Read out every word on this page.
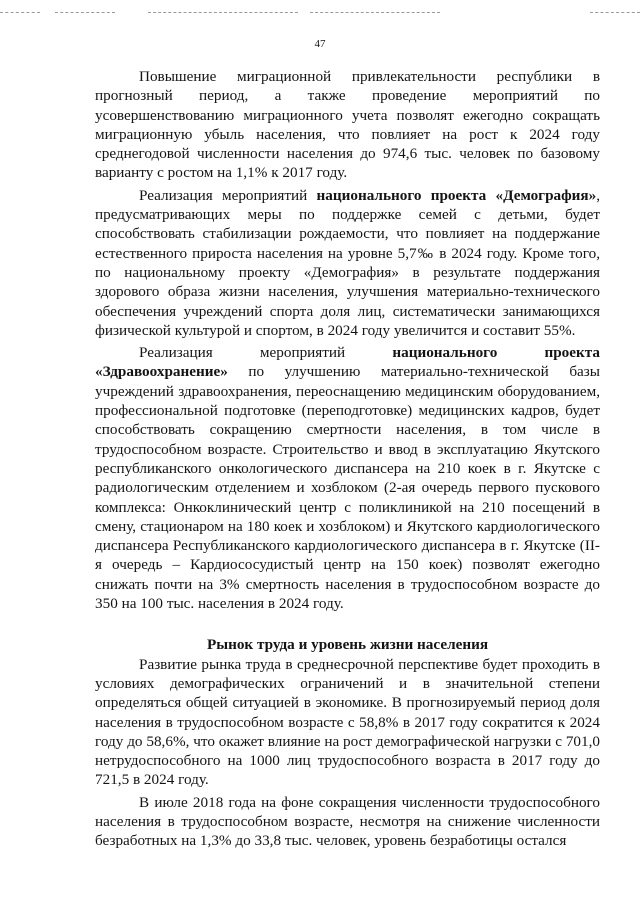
47

Повышение миграционной привлекательности республики в прогнозный период, а также проведение мероприятий по усовершенствованию миграционного учета позволят ежегодно сокращать миграционную убыль населения, что повлияет на рост к 2024 году среднегодовой численности населения до 974,6 тыс. человек по базовому варианту с ростом на 1,1% к 2017 году.

Реализация мероприятий национального проекта «Демография», предусматривающих меры по поддержке семей с детьми, будет способствовать стабилизации рождаемости, что повлияет на поддержание естественного прироста населения на уровне 5,7‰ в 2024 году. Кроме того, по национальному проекту «Демография» в результате поддержания здорового образа жизни населения, улучшения материально-технического обеспечения учреждений спорта доля лиц, систематически занимающихся физической культурой и спортом, в 2024 году увеличится и составит 55%.

Реализация мероприятий национального проекта «Здравоохранение» по улучшению материально-технической базы учреждений здравоохранения, переоснащению медицинским оборудованием, профессиональной подготовке (переподготовке) медицинских кадров, будет способствовать сокращению смертности населения, в том числе в трудоспособном возрасте. Строительство и ввод в эксплуатацию Якутского республиканского онкологического диспансера на 210 коек в г. Якутске с радиологическим отделением и хозблоком (2-ая очередь первого пускового комплекса: Онкоклинический центр с поликлиникой на 210 посещений в смену, стационаром на 180 коек и хозблоком) и Якутского кардиологического диспансера Республиканского кардиологического диспансера в г. Якутске (II-я очередь – Кардиососудистый центр на 150 коек) позволят ежегодно снижать почти на 3% смертность населения в трудоспособном возрасте до 350 на 100 тыс. населения в 2024 году.

Рынок труда и уровень жизни населения

Развитие рынка труда в среднесрочной перспективе будет проходить в условиях демографических ограничений и в значительной степени определяться общей ситуацией в экономике. В прогнозируемый период доля населения в трудоспособном возрасте с 58,8% в 2017 году сократится к 2024 году до 58,6%, что окажет влияние на рост демографической нагрузки с 701,0 нетрудоспособного на 1000 лиц трудоспособного возраста в 2017 году до 721,5 в 2024 году.

В июле 2018 года на фоне сокращения численности трудоспособного населения в трудоспособном возрасте, несмотря на снижение численности безработных на 1,3% до 33,8 тыс. человек, уровень безработицы остался
